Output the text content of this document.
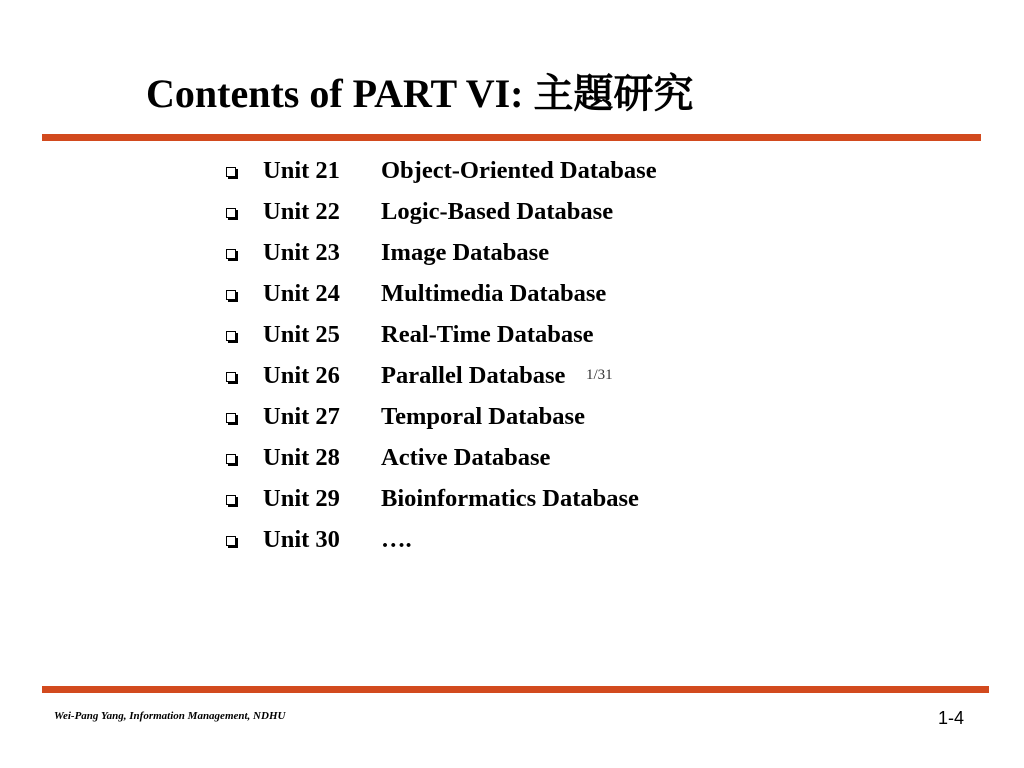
Contents of PART VI: 主題研究
Unit 21	Object-Oriented Database
Unit 22	Logic-Based Database
Unit 23	Image Database
Unit 24	Multimedia Database
Unit 25	Real-Time Database
Unit 26	Parallel Database
Unit 27	Temporal Database
Unit 28	Active Database
Unit 29	Bioinformatics Database
Unit 30	….
1/31
Wei-Pang Yang, Information Management, NDHU	1-4
